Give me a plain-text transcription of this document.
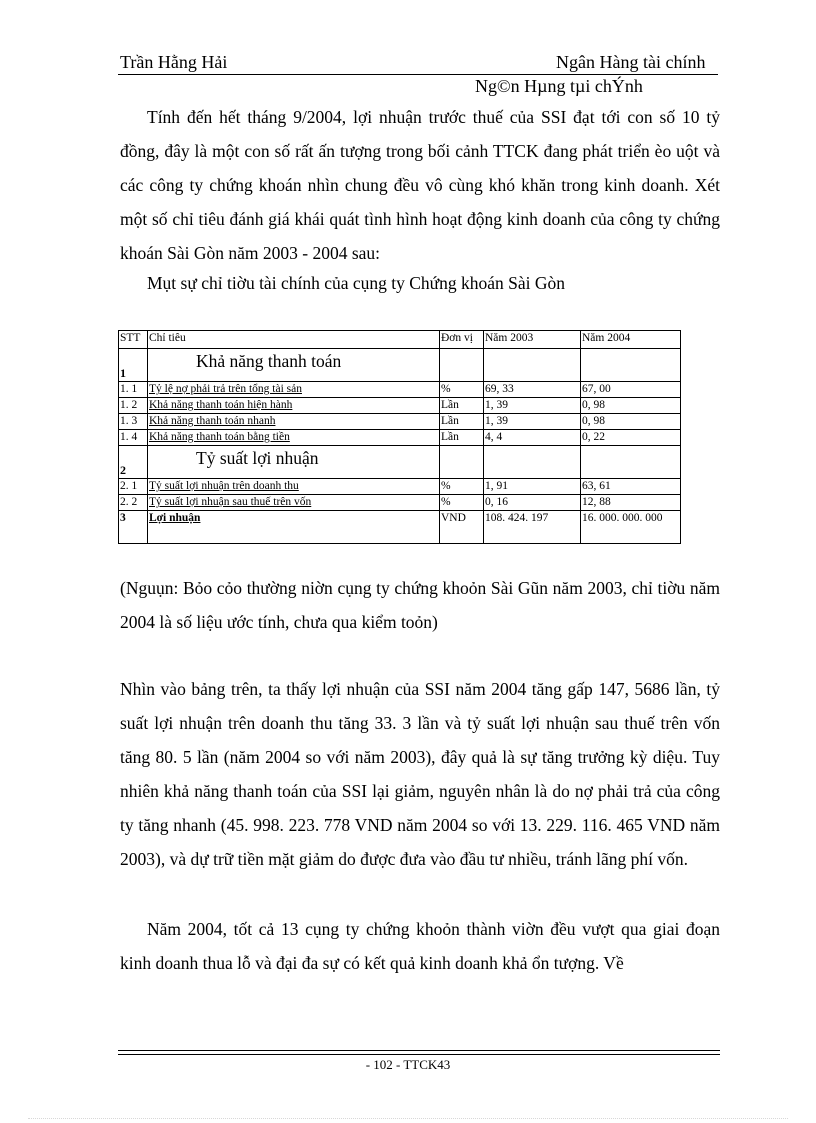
Trần Hằng Hải	Ngân Hàng tài chính
Ng©n Hµng tµi chÝnh

Tính đến hết tháng 9/2004, lợi nhuận trước thuế của SSI đạt tới con số 10 tỷ đồng, đây là một con số rất ấn tượng trong bối cảnh TTCK đang phát triển èo uột và các công ty chứng khoán nhìn chung đều vô cùng khó khăn trong kinh doanh. Xét một số chỉ tiêu đánh giá khái quát tình hình hoạt động kinh doanh của công ty chứng khoán Sài Gòn năm 2003 - 2004 sau:

Mụt sự chỉ tiờu tài chính của cụng ty Chứng khoán Sài Gòn
STT	Chỉ tiêu	Đơn vị	Năm 2003	Năm 2004
1	Khả năng thanh toán			
1. 1	Tỷ lệ nợ phải trả trên tổng tài sản	%	69, 33	67, 00
1. 2	Khả năng thanh toán hiện hành	Lần	1, 39	0, 98
1. 3	Khả năng thanh toán nhanh	Lần	1, 39	0, 98
1. 4	Khả năng thanh toán bằng tiền	Lần	4, 4	0, 22
2	Tỷ suất lợi nhuận			
2. 1	Tỷ suất lợi nhuận trên doanh thu	%	1, 91	63, 61
2. 2	Tỷ suất lợi nhuận sau thuế trên vốn	%	0, 16	12, 88
3	Lợi nhuận	VND	108. 424. 197	16. 000. 000. 000

(Nguụn: Bỏo cỏo thường niờn cụng ty chứng khoỏn Sài Gũn năm 2003, chỉ tiờu năm 2004 là số liệu ước tính, chưa qua kiểm toỏn)

Nhìn vào bảng trên, ta thấy lợi nhuận của SSI năm 2004 tăng gấp 147, 5686 lần, tỷ suất lợi nhuận trên doanh thu tăng 33. 3 lần và tỷ suất lợi nhuận sau thuế trên vốn tăng 80. 5 lần (năm 2004 so với năm 2003), đây quả là sự tăng trưởng kỳ diệu. Tuy nhiên khả năng thanh toán của SSI lại giảm, nguyên nhân là do nợ phải trả của công ty tăng nhanh (45. 998. 223. 778 VND năm 2004 so với 13. 229. 116. 465 VND năm 2003), và dự trữ tiền mặt giảm do được đưa vào đầu tư nhiều, tránh lãng phí vốn.

Năm 2004, tốt cả 13 cụng ty chứng khoỏn thành viờn đều vượt qua giai đoạn kinh doanh thua lỗ và đại đa sự có kết quả kinh doanh khả ổn tượng. Về

- 102 - TTCK43
